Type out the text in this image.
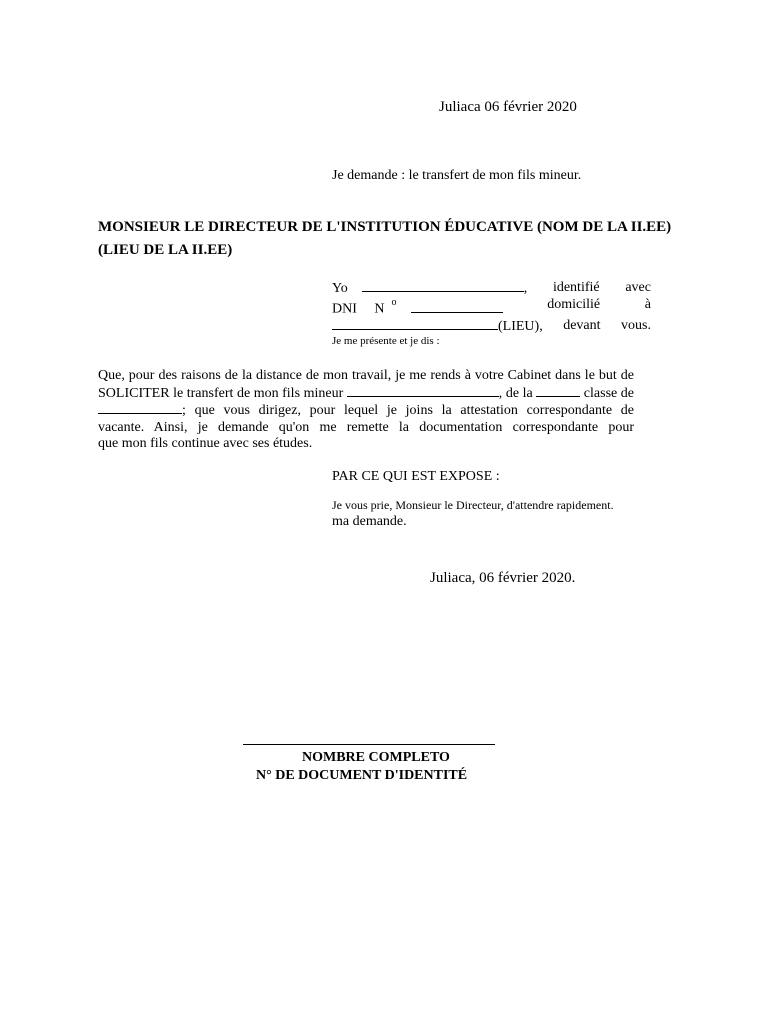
Juliaca 06 février 2020
Je demande : le transfert de mon fils mineur.
MONSIEUR LE DIRECTEUR DE L'INSTITUTION ÉDUCATIVE (NOM DE LA II.EE)
(LIEU DE LA II.EE)
Yo	, identifié avec
DNI N $^o$	domicilié	à
(LIEU), devant vous.
Je me présente et je dis :
Que, pour des raisons de la distance de mon travail, je me rends à votre Cabinet dans le but de
SOLICITER le transfert de mon fils mineur	, de la	classe de
; que vous dirigez, pour lequel je joins la attestation correspondante de
vacante. Ainsi, je demande qu'on me remette la documentation correspondante pour
que mon fils continue avec ses études.
PAR CE QUI EST EXPOSE :
Je vous prie, Monsieur le Directeur, d'attendre rapidement.
ma demande.
Juliaca, 06 février 2020.
NOMBRE COMPLETO
N° DE DOCUMENT D'IDENTITÉ
